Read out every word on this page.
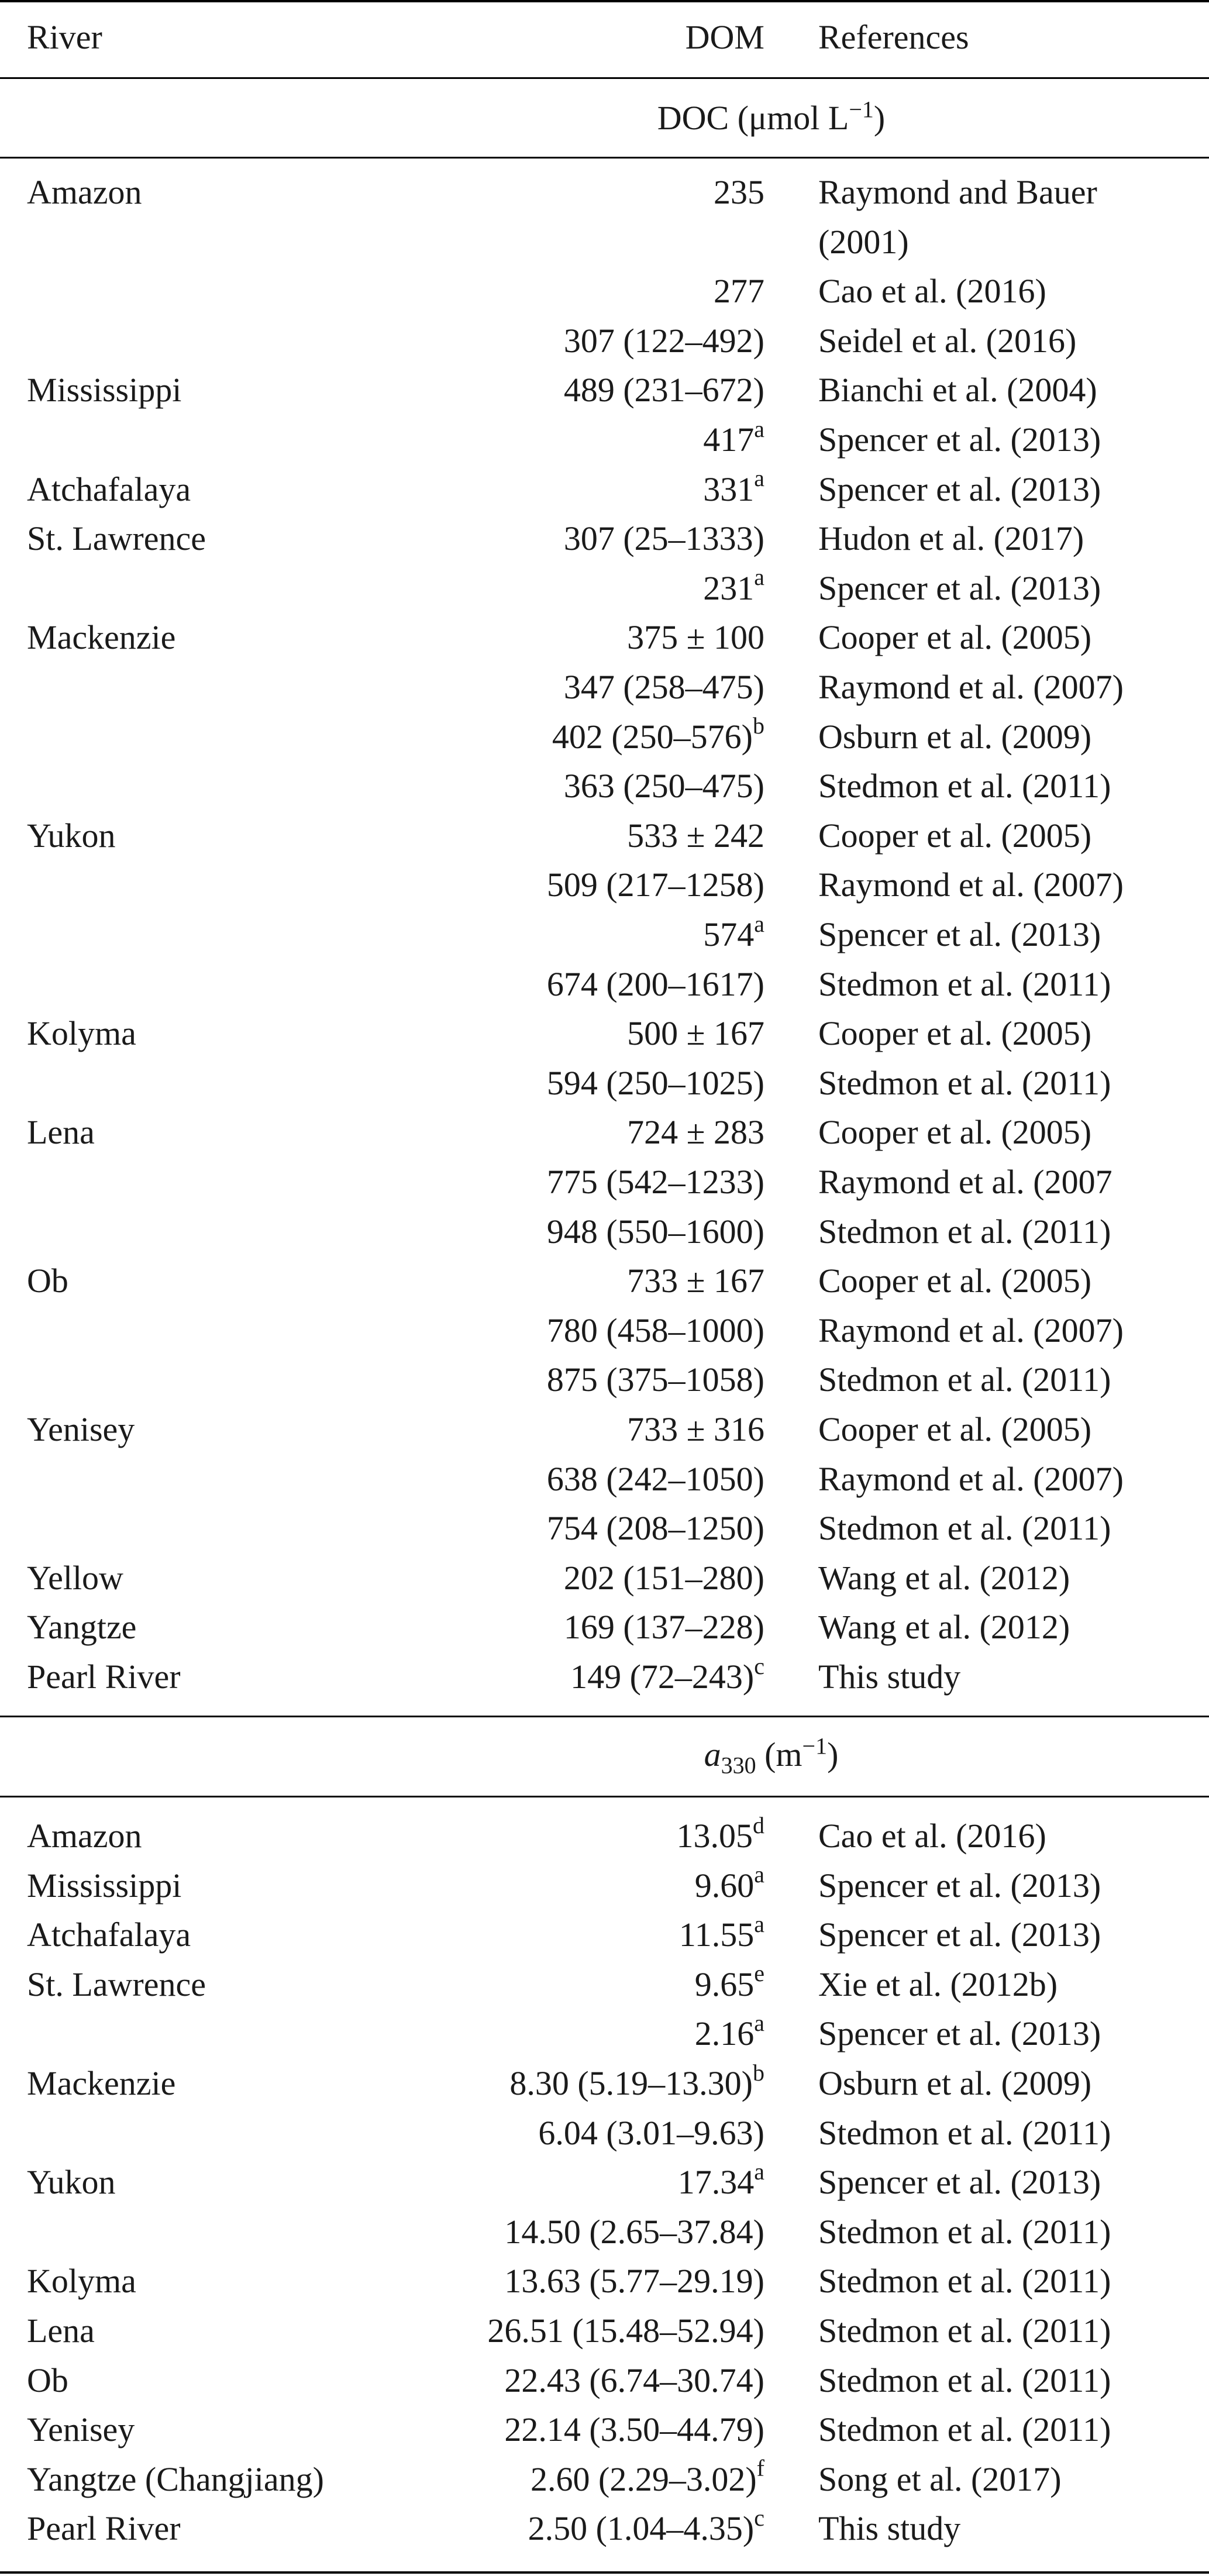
River	DOM References
DOC (μmol $L^{-1}$)
Amazon	235 Raymond and Bauer
(2001)
277 Cao et al. (2016)
307 (122–492) Seidel et al. (2016)
Mississippi	489 (231–672) Bianchi et al. (2004)
417$^a$ Spencer et al. (2013)
Atchafalaya	331$^a$ Spencer et al. (2013)
St. Lawrence	307 (25–1333) Hudon et al. (2017)
231$^a$ Spencer et al. (2013)
Mackenzie	375 ± 100 Cooper et al. (2005)
347 (258–475) Raymond et al. (2007)
402 $(250-576)^b$ Osburn et al. (2009)
363 (250–475) Stedmon et al. (2011)
Yukon	533 ± 242 Cooper et al. (2005)
509 (217–1258) Raymond et al. (2007)
574$^a$ Spencer et al. (2013)
674 (200–1617) Stedmon et al. (2011)
Kolyma	500 ± 167 Cooper et al. (2005)
594 (250–1025) Stedmon et al. (2011)
Lena	724 ± 283 Cooper et al. (2005)
775 (542–1233) Raymond et al. (2007
948 (550–1600) Stedmon et al. (2011)
Ob	733 ± 167 Cooper et al. (2005)
780 (458–1000) Raymond et al. (2007)
875 (375–1058) Stedmon et al. (2011)
Yenisey	733 ± 316 Cooper et al. (2005)
638 (242–1050) Raymond et al. (2007)
754 (208–1250) Stedmon et al. (2011)
Yellow	202 (151–280) Wang et al. (2012)
Yangtze	169 (137–228) Wang et al. (2012)
Pearl River	149 $(72-243)^c$ This study
$a_{330}$ $(m^{-1})$
Amazon	13.05$^d$ Cao et al. (2016)
Mississippi	9.60$^a$ Spencer et al. (2013)
Atchafalaya	11.55$^a$ Spencer et al. (2013)
St. Lawrence	9.65e Xie et al. (2012b)
2.16$^a$ Spencer et al. (2013)
Mackenzie	8.30 $(5.19-13.30)^b$ Osburn et al. (2009)
6.04 (3.01–9.63) Stedmon et al. (2011)
Yukon	17.34$^a$ Spencer et al. (2013)
14.50 (2.65–37.84) Stedmon et al. (2011)
Kolyma	13.63 (5.77–29.19) Stedmon et al. (2011)
Lena	26.51 (15.48–52.94) Stedmon et al. (2011)
Ob	22.43 (6.74–30.74) Stedmon et al. (2011)
Yenisey	22.14 (3.50–44.79) Stedmon et al. (2011)
Yangtze (Changjiang)	2.60 $(2.29-3.02)^f$ Song et al. (2017)
Pearl River	2.50 $(1.04-4.35)^c$ This study
